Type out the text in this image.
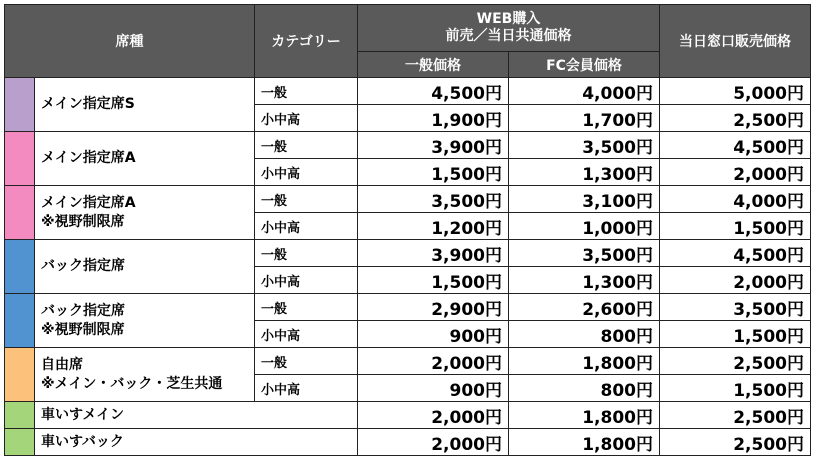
席種		カテゴリー	WEB購入
前売／当日共通価格		当日窓口販売価格
			一般価格	FC会員価格	

	メイン指定席S	一般	4,500円	4,000円	5,000円
		小中高	1,900円	1,700円	2,500円

	メイン指定席A	一般	3,900円	3,500円	4,500円
		小中高	1,500円	1,300円	2,000円

	メイン指定席A
※視野制限席	一般	3,500円	3,100円	4,000円
		小中高	1,200円	1,000円	1,500円

	バック指定席	一般	3,900円	3,500円	4,500円
		小中高	1,500円	1,300円	2,000円

	バック指定席
※視野制限席	一般	2,900円	2,600円	3,500円
		小中高	900円	800円	1,500円

	自由席
※メイン・バック・芝生共通	一般	2,000円	1,800円	2,500円
		小中高	900円	800円	1,500円
	車いすメイン		2,000円	1,800円	2,500円
	車いすバック		2,000円	1,800円	2,500円
